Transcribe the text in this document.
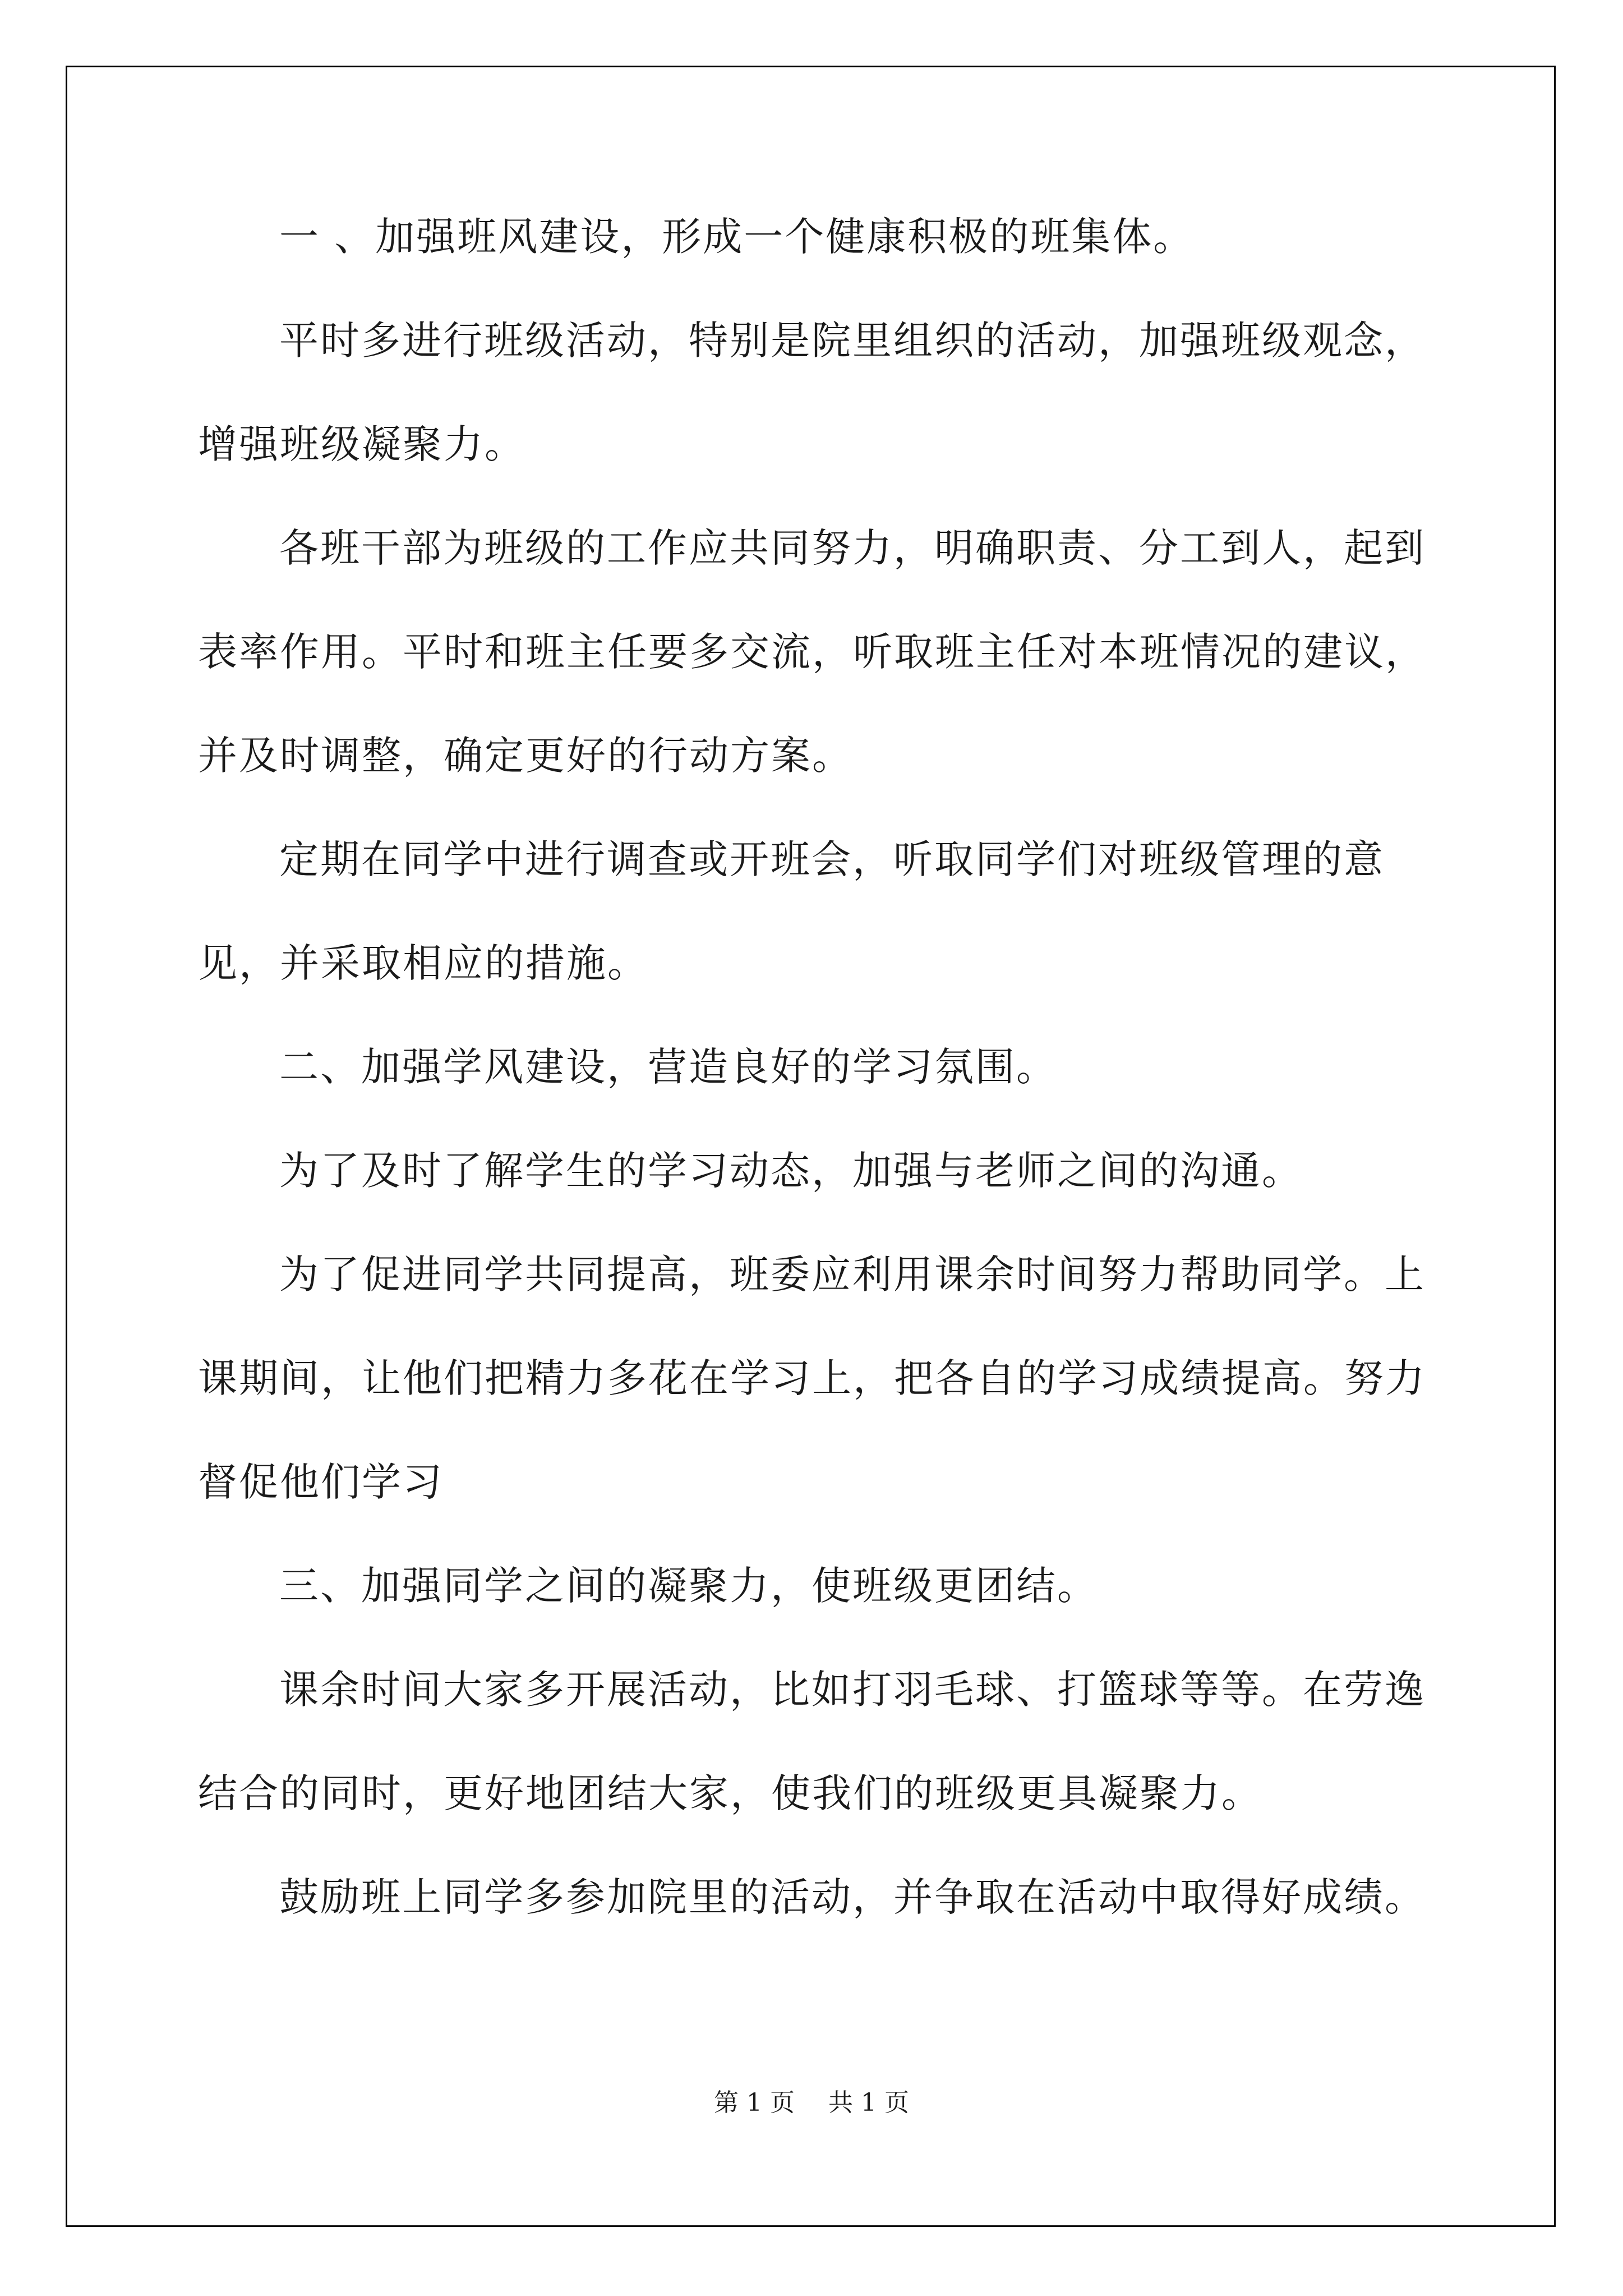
一 、加强班风建设，形成一个健康积极的班集体。

平时多进行班级活动，特别是院里组织的活动，加强班级观念，增强班级凝聚力。

各班干部为班级的工作应共同努力，明确职责、分工到人，起到表率作用。平时和班主任要多交流，听取班主任对本班情况的建议，并及时调整，确定更好的行动方案。

定期在同学中进行调查或开班会，听取同学们对班级管理的意见，并采取相应的措施。

二、加强学风建设，营造良好的学习氛围。

为了及时了解学生的学习动态，加强与老师之间的沟通。

为了促进同学共同提高，班委应利用课余时间努力帮助同学。上课期间，让他们把精力多花在学习上，把各自的学习成绩提高。努力督促他们学习

三、加强同学之间的凝聚力，使班级更团结。

课余时间大家多开展活动，比如打羽毛球、打篮球等等。在劳逸结合的同时，更好地团结大家，使我们的班级更具凝聚力。

鼓励班上同学多参加院里的活动，并争取在活动中取得好成绩。

第 1 页 共 1 页
